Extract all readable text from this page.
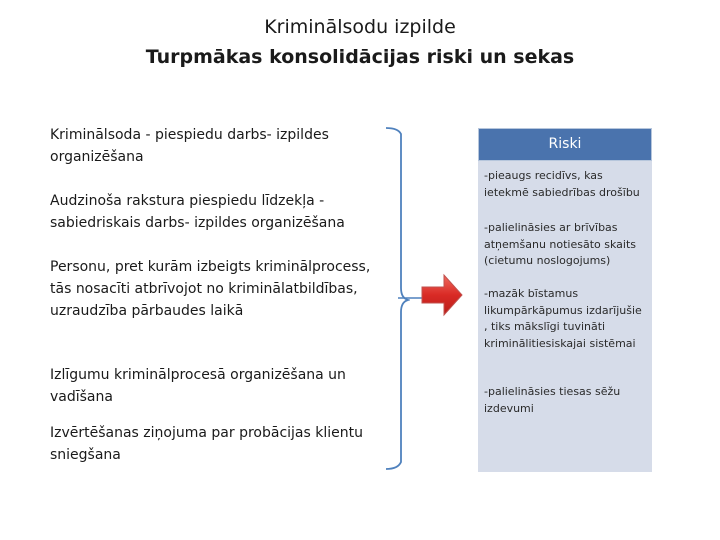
Kriminālsodu izpilde
Turpmākas konsolidācijas riski un sekas
Kriminālsoda - piespiedu darbs- izpildes organizēšana
Audzinoša rakstura piespiedu līdzekļa - sabiedriskais darbs- izpildes organizēšana
Personu, pret kurām izbeigts kriminālprocess, tās nosacīti atbrīvojot no kriminālatbildības, uzraudzība pārbaudes laikā
Izlīgumu kriminālprocesā organizēšana un vadīšana
Izvērtēšanas ziņojuma par probācijas klientu sniegšana
Riski
-pieaugs recidīvs, kas ietekmē sabiedrības drošību
-palielināsies ar brīvības atņemšanu notiesāto skaits (cietumu noslogojums)
-mazāk bīstamus likumpārkāpumus izdarījušie , tiks mākslīgi tuvināti kriminālitiesiskajai sistēmai
-palielināsies tiesas sēžu izdevumi
